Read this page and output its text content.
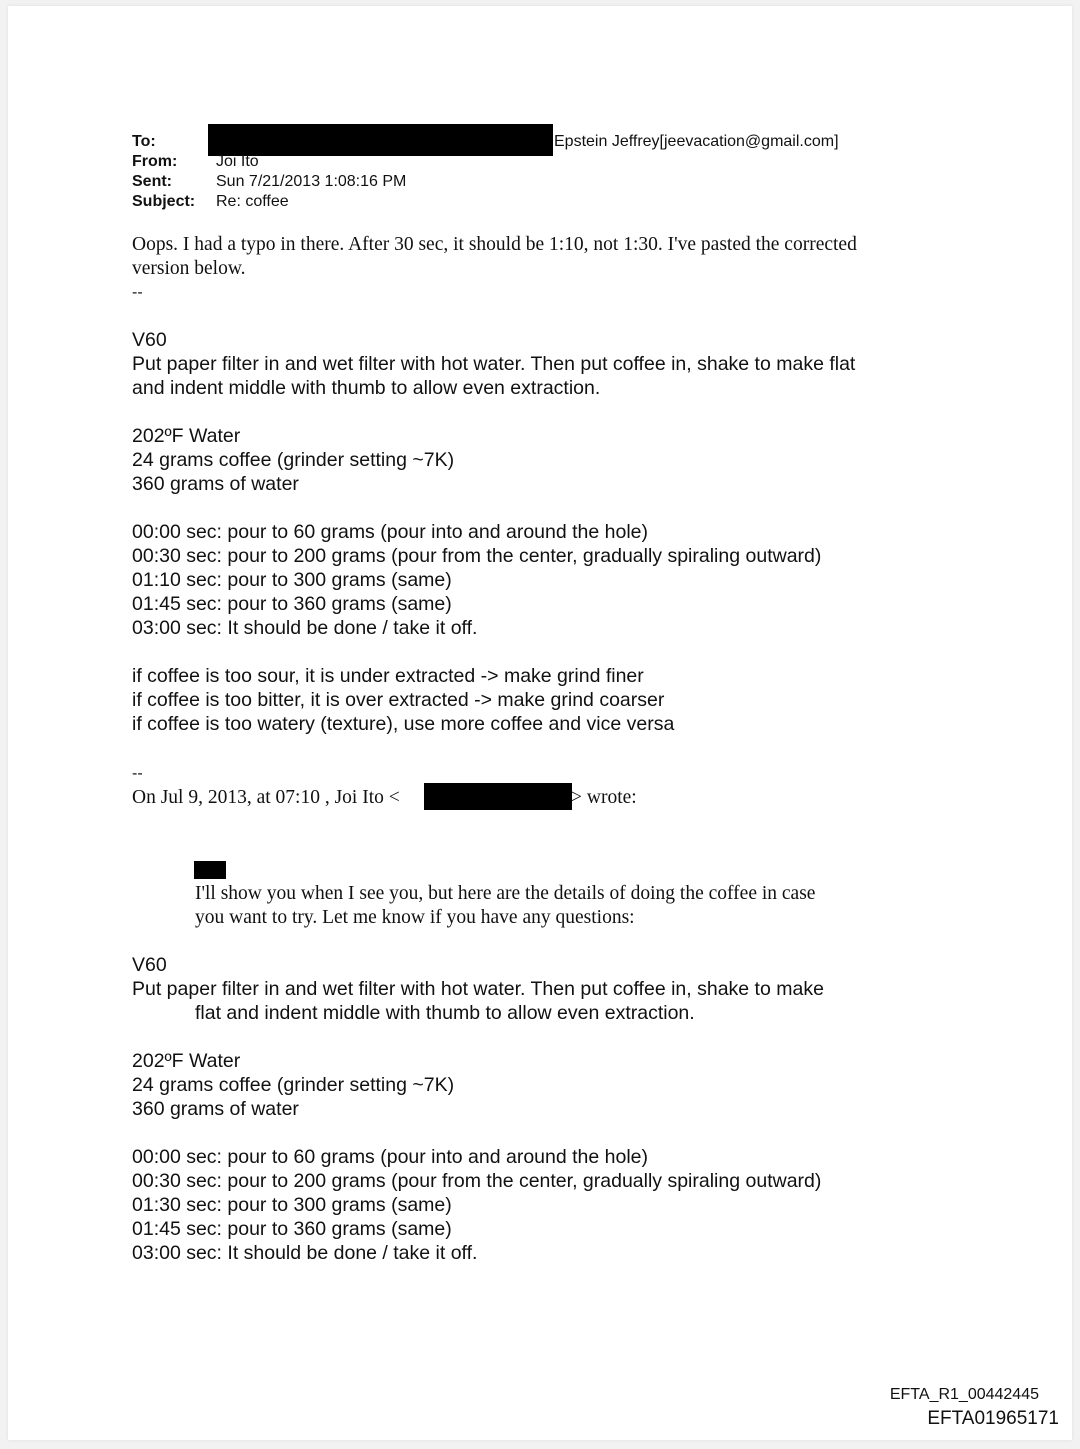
To:	Epstein Jeffrey[jeevacation@gmail.com]
From: Joi Ito
Sent:	Sun 7/21/2013 1:08:16 PM
Subject: Re: coffee
Oops. I had a typo in there. After 30 sec, it should be 1:10, not 1:30. I've pasted the corrected
version below.
--
V60
Put paper filter in and wet filter with hot water. Then put coffee in, shake to make flat
and indent middle with thumb to allow even extraction.
202ºF Water
24 grams coffee (grinder setting ~7K)
360 grams of water
00:00 sec: pour to 60 grams (pour into and around the hole)
00:30 sec: pour to 200 grams (pour from the center, gradually spiraling outward)
01:10 sec: pour to 300 grams (same)
01:45 sec: pour to 360 grams (same)
03:00 sec: It should be done / take it off.
if coffee is too sour, it is under extracted -> make grind finer
if coffee is too bitter, it is over extracted -> make grind coarser
if coffee is too watery (texture), use more coffee and vice versa
--
On Jul 9, 2013, at 07:10 , Joi Ito <	> wrote:
I'll show you when I see you, but here are the details of doing the coffee in case
you want to try. Let me know if you have any questions:
V60
Put paper filter in and wet filter with hot water. Then put coffee in, shake to make
flat and indent middle with thumb to allow even extraction.
202ºF Water
24 grams coffee (grinder setting ~7K)
360 grams of water
00:00 sec: pour to 60 grams (pour into and around the hole)
00:30 sec: pour to 200 grams (pour from the center, gradually spiraling outward)
01:30 sec: pour to 300 grams (same)
01:45 sec: pour to 360 grams (same)
03:00 sec: It should be done / take it off.
EFTA_R1_00442445
EFTA01965171
